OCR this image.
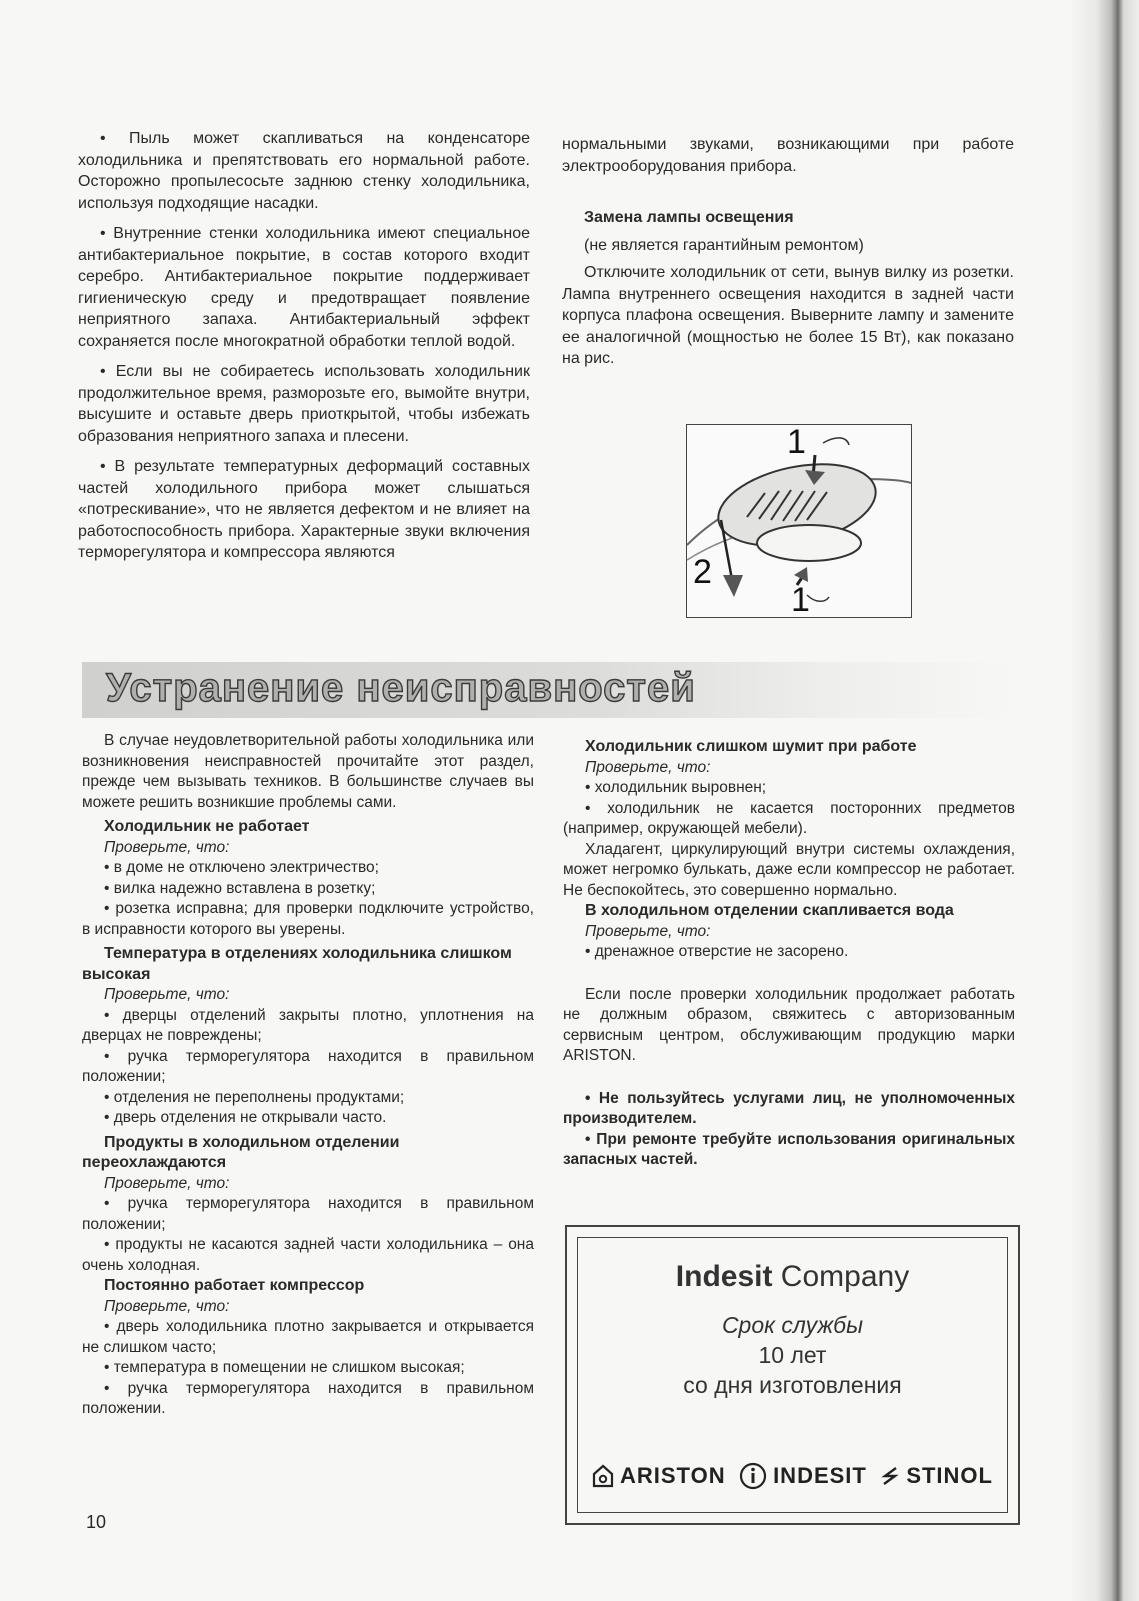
• Пыль может скапливаться на конденсаторе холодильника и препятствовать его нормальной работе. Осторожно пропылесосьте заднюю стенку холодильника, используя подходящие насадки.

• Внутренние стенки холодильника имеют специальное антибактериальное покрытие, в состав которого входит серебро. Антибактериальное покрытие поддерживает гигиеническую среду и предотвращает появление неприятного запаха. Антибактериальный эффект сохраняется после многократной обработки теплой водой.

• Если вы не собираетесь использовать холодильник продолжительное время, разморозьте его, вымойте внутри, высушите и оставьте дверь приоткрытой, чтобы избежать образования неприятного запаха и плесени.

• В результате температурных деформаций составных частей холодильного прибора может слышаться «потрескивание», что не является дефектом и не влияет на работоспособность прибора. Характерные звуки включения терморегулятора и компрессора являются

нормальными звуками, возникающими при работе электрооборудования прибора.

Замена лампы освещения

(не является гарантийным ремонтом)

Отключите холодильник от сети, вынув вилку из розетки. Лампа внутреннего освещения находится в задней части корпуса плафона освещения. Выверните лампу и замените ее аналогичной (мощностью не более 15 Вт), как показано на рис.

1
2
1
Устранение неисправностей

В случае неудовлетворительной работы холодильника или возникновения неисправностей прочитайте этот раздел, прежде чем вызывать техников. В большинстве случаев вы можете решить возникшие проблемы сами.

Холодильник не работает

Проверьте, что:

• в доме не отключено электричество;

• вилка надежно вставлена в розетку;

• розетка исправна; для проверки подключите устройство, в исправности которого вы уверены.

Температура в отделениях холодильника слишком высокая

Проверьте, что:

• дверцы отделений закрыты плотно, уплотнения на дверцах не повреждены;

• ручка терморегулятора находится в правильном положении;

• отделения не переполнены продуктами;

• дверь отделения не открывали часто.

Продукты в холодильном отделении переохлаждаются

Проверьте, что:

• ручка терморегулятора находится в правильном положении;

• продукты не касаются задней части холодильника – она очень холодная.

Постоянно работает компрессор

Проверьте, что:

• дверь холодильника плотно закрывается и открывается не слишком часто;

• температура в помещении не слишком высокая;

• ручка терморегулятора находится в правильном положении.

Холодильник слишком шумит при работе

Проверьте, что:

• холодильник выровнен;

• холодильник не касается посторонних предметов (например, окружающей мебели).

Хладагент, циркулирующий внутри системы охлаждения, может негромко булькать, даже если компрессор не работает. Не беспокойтесь, это совершенно нормально.

В холодильном отделении скапливается вода

Проверьте, что:

• дренажное отверстие не засорено.

Если после проверки холодильник продолжает работать не должным образом, свяжитесь с авторизованным сервисным центром, обслуживающим продукцию марки ARISTON.

• Не пользуйтесь услугами лиц, не уполномоченных производителем.

• При ремонте требуйте использования оригинальных запасных частей.

Indesit Company
Срок службы
10 лет
со дня изготовления
ARISTON INDESIT STINOL
10
